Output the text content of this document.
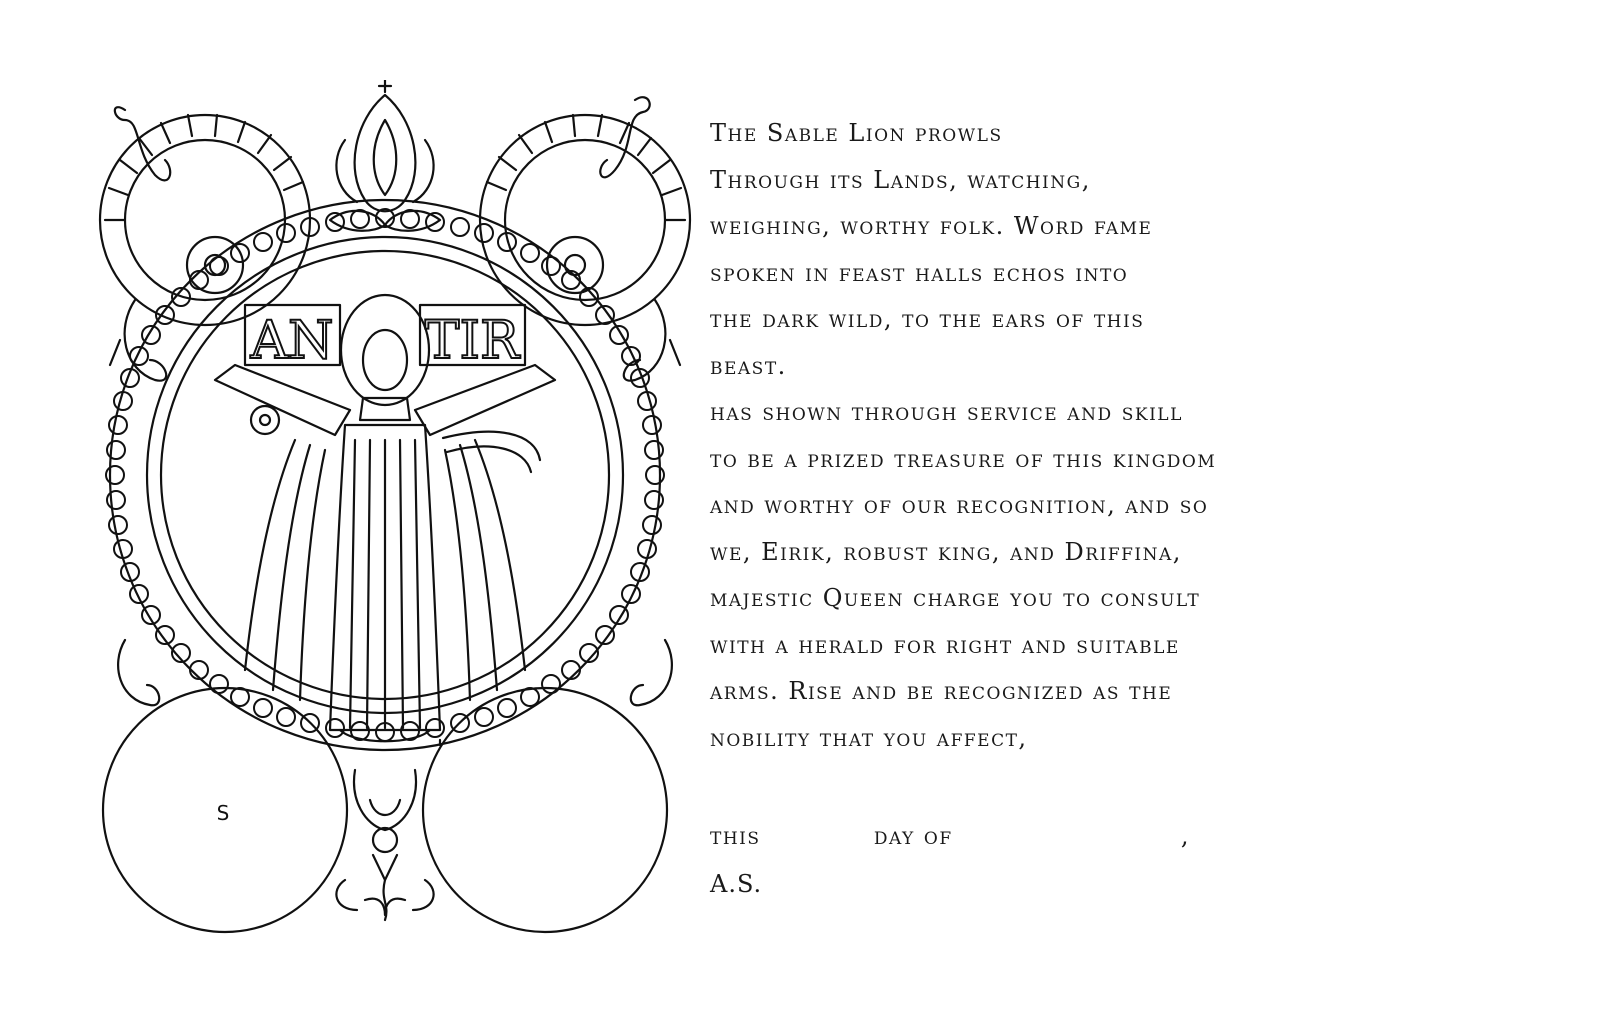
AN TIR
S
The Sable Lion prowls
Through its Lands, watching,
weighing, worthy folk. Word fame
spoken in feast halls echos into
the dark wild, to the ears of this
beast.
has shown through service and skill
to be a prized treasure of this kingdom
and worthy of our recognition, and so
we, Eirik, robust king, and Driffina,
majestic Queen charge you to consult
with a herald for right and suitable
arms. Rise and be recognized as the
nobility that you affect,
this	day of	,
A.S.
